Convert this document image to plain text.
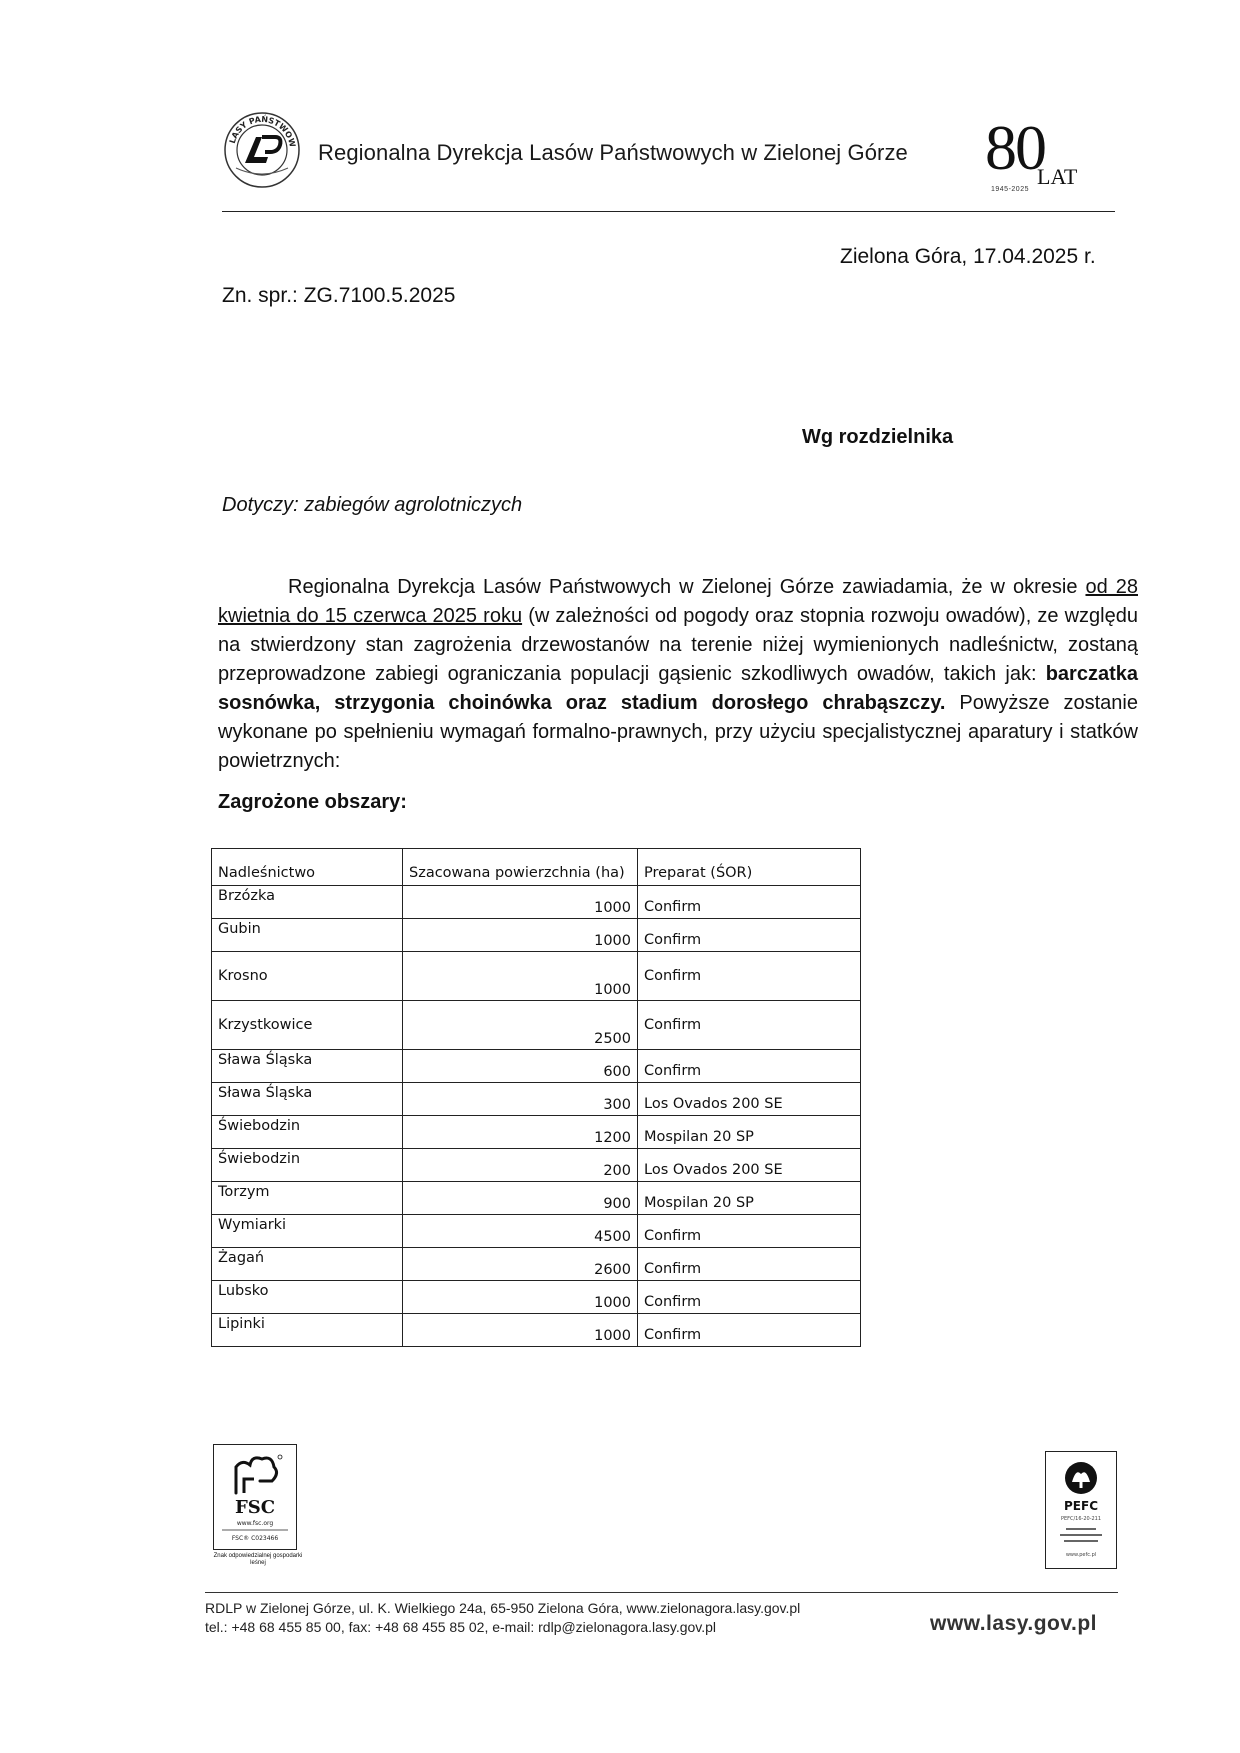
LASY PAŃSTWOW Regionalna Dyrekcja Lasów Państwowych w Zielonej Górze 80
LAT
1945-2025
Zielona Góra, 17.04.2025 r.
Zn. spr.: ZG.7100.5.2025
Wg rozdzielnika
Dotyczy: zabiegów agrolotniczych

Regionalna Dyrekcja Lasów Państwowych w Zielonej Górze zawiadamia, że w okresie od 28 kwietnia do 15 czerwca 2025 roku (w zależności od pogody oraz stopnia rozwoju owadów), ze względu na stwierdzony stan zagrożenia drzewostanów na terenie niżej wymienionych nadleśnictw, zostaną przeprowadzone zabiegi ograniczania populacji gąsienic szkodliwych owadów, takich jak: barczatka sosnówka, strzygonia choinówka oraz stadium dorosłego chrabąszczy. Powyższe zostanie wykonane po spełnieniu wymagań formalno-prawnych, przy użyciu specjalistycznej aparatury i statków powietrznych:

Zagrożone obszary:
Nadleśnictwo	Szacowana powierzchnia (ha)	Preparat (ŚOR)
Brzózka	1000	Confirm
Gubin	1000	Confirm
Krosno	1000	Confirm
Krzystkowice	2500	Confirm
Sława Śląska	600	Confirm
Sława Śląska	300	Los Ovados 200 SE
Świebodzin	1200	Mospilan 20 SP
Świebodzin	200	Los Ovados 200 SE
Torzym	900	Mospilan 20 SP
Wymiarki	4500	Confirm
Żagań	2600	Confirm
Lubsko	1000	Confirm
Lipinki	1000	Confirm
FSC
www.fsc.org
FSC® C023466
Znak odpowiedzialnej gospodarki leśnej
PEFC
PEFC/16-20-211
www.pefc.pl
RDLP w Zielonej Górze, ul. K. Wielkiego 24a, 65-950 Zielona Góra, www.zielonagora.lasy.gov.pl
tel.: +48 68 455 85 00, fax: +48 68 455 85 02, e-mail: rdlp@zielonagora.lasy.gov.pl	www.lasy.gov.pl
